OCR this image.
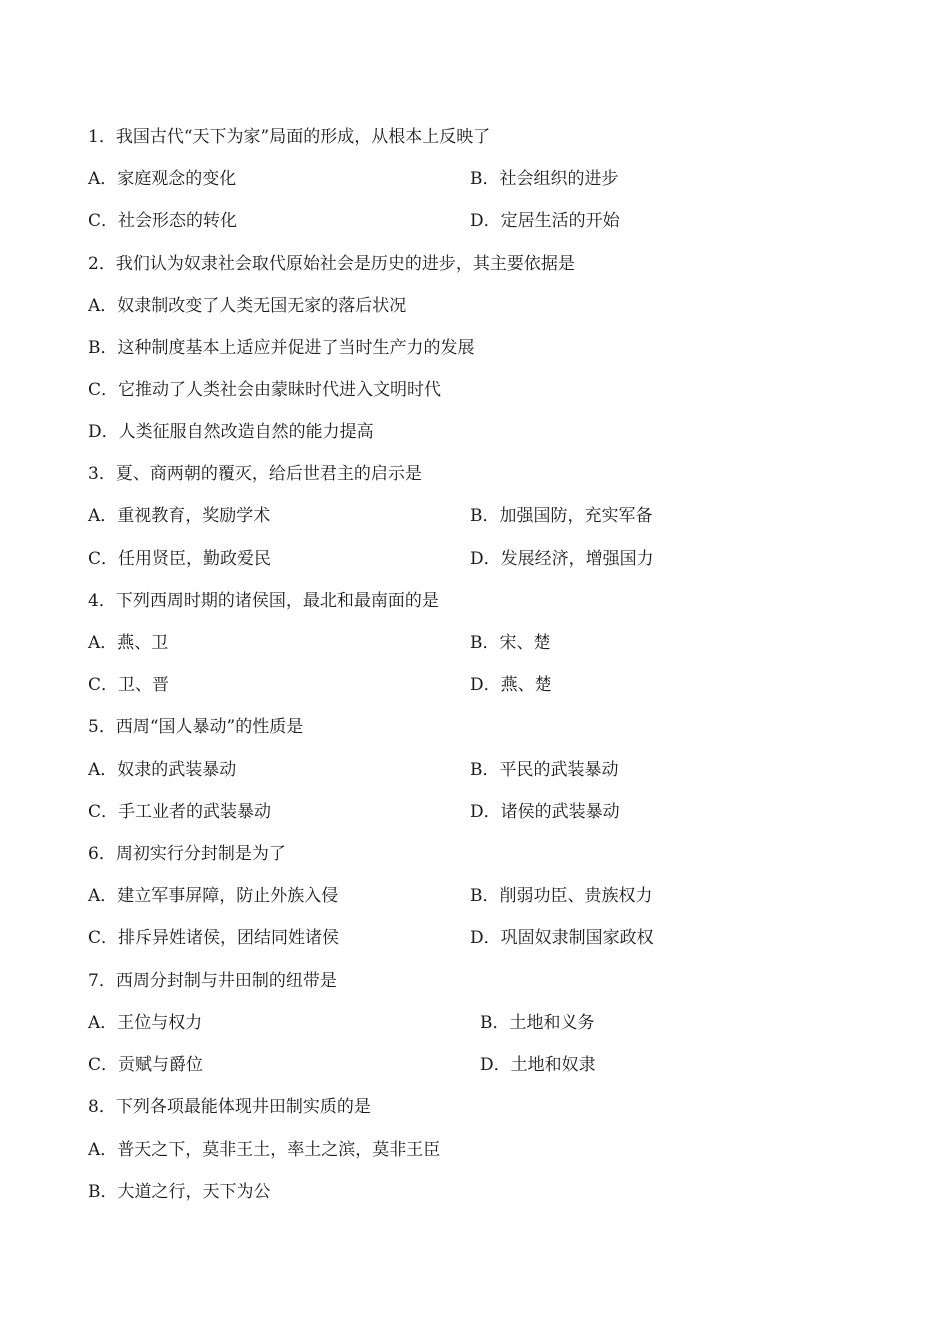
1．我国古代“天下为家”局面的形成，从根本上反映了
A．家庭观念的变化	B．社会组织的进步
C．社会形态的转化	D．定居生活的开始
2．我们认为奴隶社会取代原始社会是历史的进步，其主要依据是
A．奴隶制改变了人类无国无家的落后状况
B．这种制度基本上适应并促进了当时生产力的发展
C．它推动了人类社会由蒙昧时代进入文明时代
D．人类征服自然改造自然的能力提高
3．夏、商两朝的覆灭，给后世君主的启示是
A．重视教育，奖励学术	B．加强国防，充实军备
C．任用贤臣，勤政爱民	D．发展经济，增强国力
4．下列西周时期的诸侯国，最北和最南面的是
A．燕、卫	B．宋、楚
C．卫、晋	D．燕、楚
5．西周“国人暴动”的性质是
A．奴隶的武装暴动	B．平民的武装暴动
C．手工业者的武装暴动	D．诸侯的武装暴动
6．周初实行分封制是为了
A．建立军事屏障，防止外族入侵	B．削弱功臣、贵族权力
C．排斥异姓诸侯，团结同姓诸侯	D．巩固奴隶制国家政权
7．西周分封制与井田制的纽带是
A．王位与权力	B．土地和义务
C．贡赋与爵位	D．土地和奴隶
8．下列各项最能体现井田制实质的是
A．普天之下，莫非王土，率土之滨，莫非王臣
B．大道之行，天下为公
